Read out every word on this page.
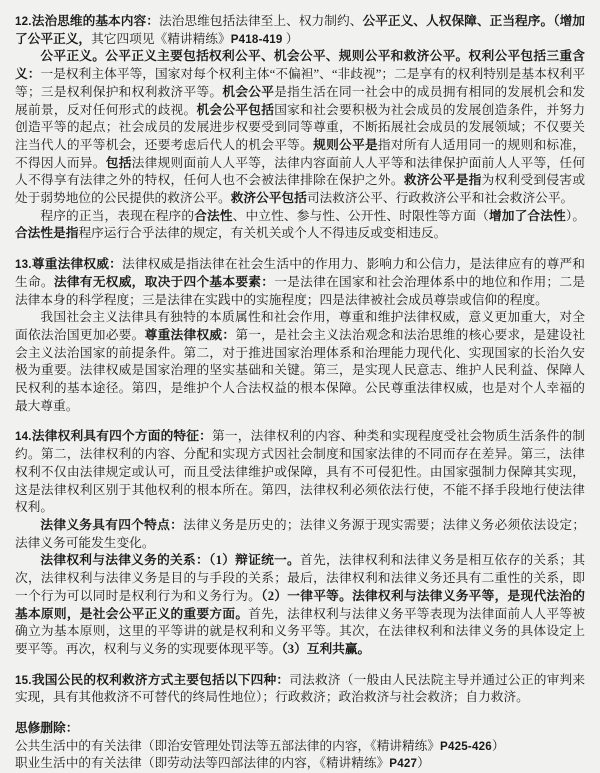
12.法治思维的基本内容：法治思维包括法律至上、权力制约、公平正义、人权保障、正当程序。（增加了公平正义，其它四项见《精讲精练》P418-419 ）

公平正义。公平正义主要包括权利公平、机会公平、规则公平和救济公平。权利公平包括三重含义：一是权利主体平等，国家对每个权利主体“不偏袒”、“非歧视”；二是享有的权利特别是基本权利平等；三是权利保护和权利救济平等。机会公平是指生活在同一社会中的成员拥有相同的发展机会和发展前景，反对任何形式的歧视。机会公平包括国家和社会要积极为社会成员的发展创造条件，并努力创造平等的起点；社会成员的发展进步权要受到同等尊重，不断拓展社会成员的发展领域；不仅要关注当代人的平等机会，还要考虑后代人的机会平等。规则公平是指对所有人适用同一的规则和标准，不得因人而异。包括法律规则面前人人平等，法律内容面前人人平等和法律保护面前人人平等，任何人不得享有法律之外的特权，任何人也不会被法律排除在保护之外。救济公平是指为权利受到侵害或处于弱势地位的公民提供的救济公平。救济公平包括司法救济公平、行政救济公平和社会救济公平。

程序的正当，表现在程序的合法性、中立性、参与性、公开性、时限性等方面（增加了合法性）。合法性是指程序运行合乎法律的规定，有关机关或个人不得违反或变相违反。

13.尊重法律权威：法律权威是指法律在社会生活中的作用力、影响力和公信力，是法律应有的尊严和生命。法律有无权威，取决于四个基本要素：一是法律在国家和社会治理体系中的地位和作用；二是法律本身的科学程度；三是法律在实践中的实施程度；四是法律被社会成员尊崇或信仰的程度。

我国社会主义法律具有独特的本质属性和社会作用，尊重和维护法律权威，意义更加重大，对全面依法治国更加必要。尊重法律权威：第一，是社会主义法治观念和法治思维的核心要求，是建设社会主义法治国家的前提条件。第二，对于推进国家治理体系和治理能力现代化、实现国家的长治久安极为重要。法律权威是国家治理的坚实基础和关键。第三，是实现人民意志、维护人民利益、保障人民权利的基本途径。第四，是维护个人合法权益的根本保障。公民尊重法律权威，也是对个人幸福的最大尊重。

14.法律权利具有四个方面的特征：第一，法律权利的内容、种类和实现程度受社会物质生活条件的制约。第二，法律权利的内容、分配和实现方式因社会制度和国家法律的不同而存在差异。第三，法律权利不仅由法律规定或认可，而且受法律维护或保障，具有不可侵犯性。由国家强制力保障其实现，这是法律权利区别于其他权利的根本所在。第四，法律权利必须依法行使，不能不择手段地行使法律权利。

法律义务具有四个特点：法律义务是历史的；法律义务源于现实需要；法律义务必须依法设定；法律义务可能发生变化。

法律权利与法律义务的关系：（1）辩证统一。首先，法律权利和法律义务是相互依存的关系；其次，法律权利与法律义务是目的与手段的关系；最后，法律权利和法律义务还具有二重性的关系，即一个行为可以同时是权利行为和义务行为。（2）一律平等。法律权利与法律义务平等，是现代法治的基本原则，是社会公平正义的重要方面。首先，法律权利与法律义务平等表现为法律面前人人平等被确立为基本原则，这里的平等讲的就是权利和义务平等。其次，在法律权利和法律义务的具体设定上要平等。再次，权利与义务的实现要体现平等。（3）互利共赢。

15.我国公民的权利救济方式主要包括以下四种：司法救济（一般由人民法院主导并通过公正的审判来实现，具有其他救济不可替代的终局性地位）；行政救济；政治救济与社会救济；自力救济。

思修删除：

公共生活中的有关法律（即治安管理处罚法等五部法律的内容，《精讲精练》P425-426）

职业生活中的有关法律（即劳动法等四部法律的内容，《精讲精练》P427）
